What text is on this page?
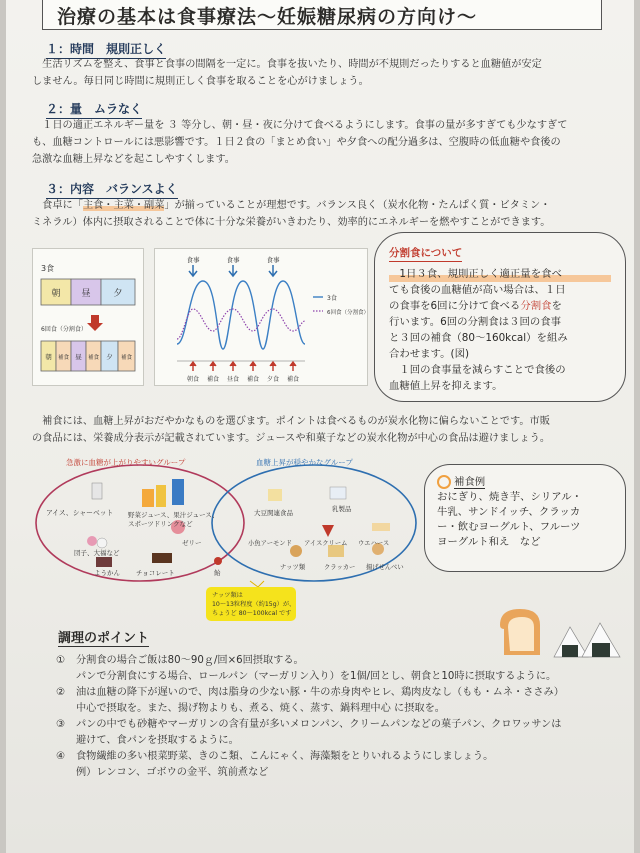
治療の基本は食事療法〜妊娠糖尿病の方向け〜
１：時間　規則正しく
　生活リズムを整え、食事と食事の間隔を一定に。食事を抜いたり、時間が不規則だったりすると血糖値が安定
しません。毎日同じ時間に規則正しく食事を取ることを心がけましょう。
２：量　ムラなく
　１日の適正エネルギー量を ３ 等分し、朝・昼・夜に分けて食べるようにします。食事の量が多すぎても少なすぎて
も、血糖コントロールには悪影響です。１日２食の「まとめ食い」や夕食への配分過多は、空腹時の低血糖や食後の
急激な血糖上昇などを起こしやすくします。
３：内容　バランスよく
　食卓に「主食・主菜・副菜」が揃っていることが理想です。バランス良く（炭水化物・たんぱく質・ビタミン・
ミネラル）体内に摂取されることで体に十分な栄養がいきわたり、効率的にエネルギーを燃やすことができます。
3食
朝 昼	夕
6回食（分割食）
朝 補食 昼 補食 夕 補食
食事	食事	食事
3食
6回食（分割食）
朝食 補食 昼食 補食 夕食 補食
分割食について
　1日３食、規則正しく適正量を食べ
ても食後の血糖値が高い場合は、１日
の食事を6回に分けて食べる分割食を
行います。6回の分割食は３回の食事
と３回の補食（80〜160kcal）を組み
合わせます。(図)
　１回の食事量を減らすことで食後の
血糖値上昇を抑えます。
　補食には、血糖上昇がおだやかなものを選びます。ポイントは食べるものが炭水化物に偏らないことです。市販
の食品には、栄養成分表示が記載されています。ジュースや和菓子などの炭水化物が中心の食品は避けましょう。
急激に血糖が上がりやすいグループ	血糖上昇が穏やかなグループ
アイス、シャーベット 野菜ジュース、果汁ジュース、
スポーツドリンクなど
団子、大福など
ゼリー
ようかん チョコレート	飴
大豆関連食品	乳製品
小魚アーモンド アイスクリーム ウエハース
ナッツ類	クラッカー 揚げせんべい
ナッツ類は
10〜13粒程度（約15g）が、
ちょうど 80〜100kcal です
補食例
おにぎり、焼き芋、シリアル・
牛乳、サンドイッチ、クラッカ
ー・飲むヨーグルト、フルーツ
ヨーグルト和え　など
調理のポイント
① 分割食の場合ご飯は80〜90ｇ/回×6回摂取する。
パンで分割食にする場合、ロールパン（マーガリン入り）を1個/回とし、朝食と10時に摂取するように。
② 油は血糖の降下が遅いので、肉は脂身の少ない豚・牛の赤身肉やヒレ、鶏肉皮なし（もも・ムネ・ささみ）
中心で摂取を。また、揚げ物よりも、煮る、焼く、蒸す、鍋料理中心 に摂取を。
③ パンの中でも砂糖やマーガリンの含有量が多いメロンパン、クリームパンなどの菓子パン、クロワッサンは
避けて、食パンを摂取するように。
④ 食物繊維の多い根菜野菜、きのこ類、こんにゃく、海藻類をとりいれるようにしましょう。
例）レンコン、ゴボウの金平、筑前煮など
